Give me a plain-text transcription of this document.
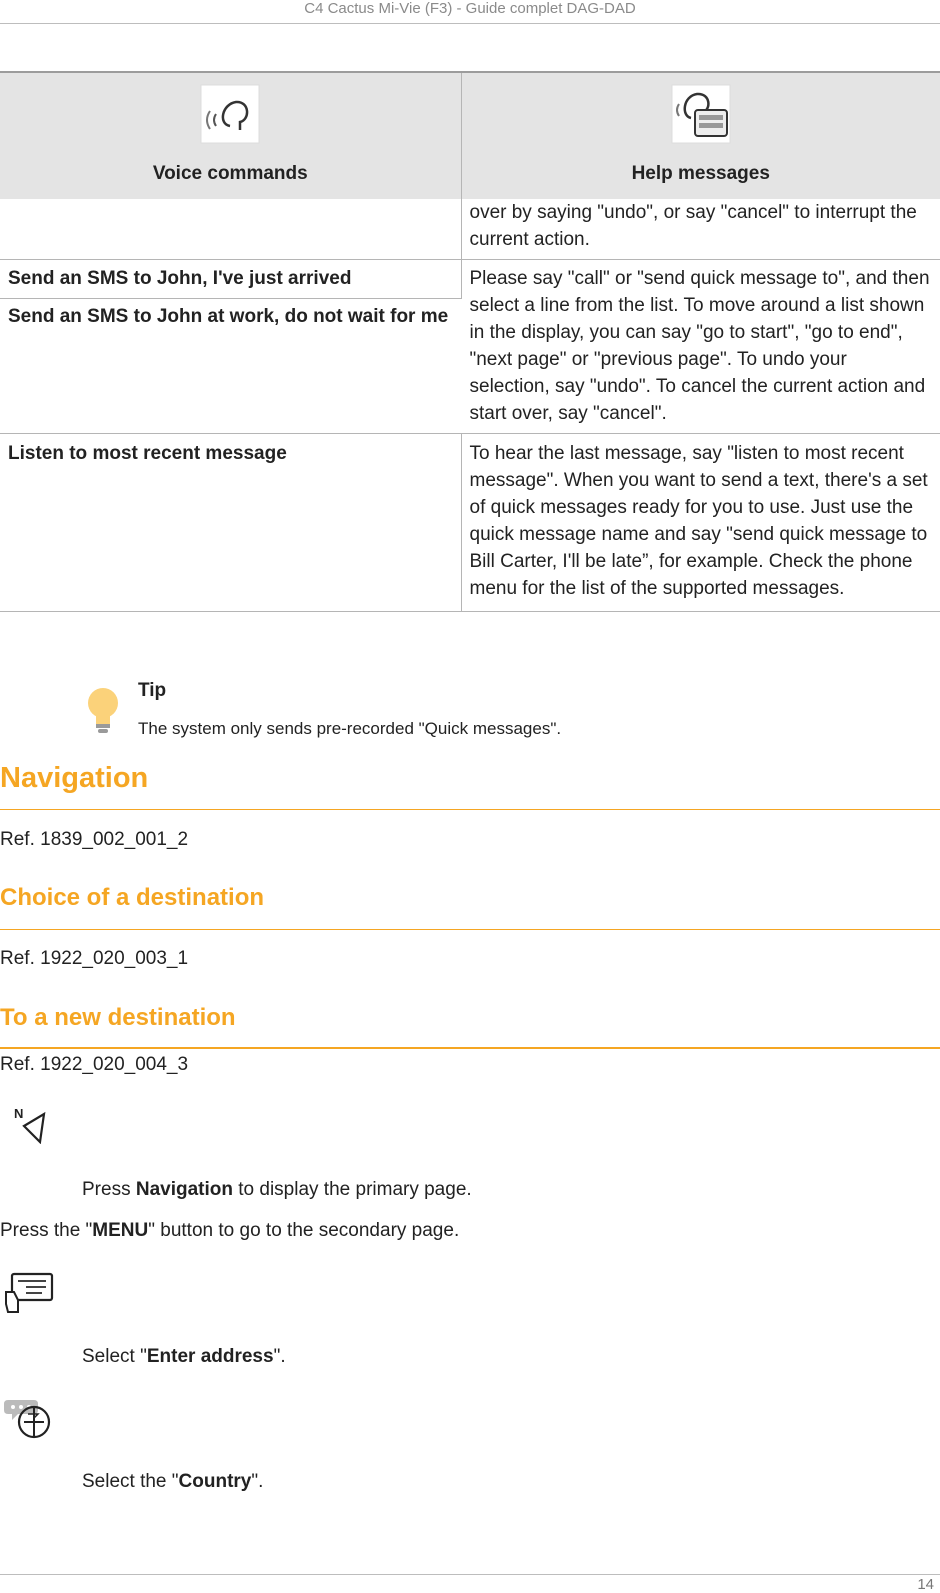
C4 Cactus Mi-Vie (F3) - Guide complet DAG-DAD
Voice commands	Help messages
	over by saying "undo", or say "cancel" to interrupt the current action.
Send an SMS to John, I've just arrived	Please say "call" or "send quick message to", and then select a line from the list. To move around a list shown in the display, you can say "go to start", "go to end", "next page" or "previous page". To undo your selection, say "undo". To cancel the current action and start over, say "cancel".
Send an SMS to John at work, do not wait for me	
Listen to most recent message	To hear the last message, say "listen to most recent message". When you want to send a text, there's a set of quick messages ready for you to use. Just use the quick message name and say "send quick message to Bill Carter, I'll be late”, for example. Check the phone menu for the list of the supported messages.
Tip
The system only sends pre-recorded "Quick messages".
Navigation
Ref. 1839_002_001_2
Choice of a destination
Ref. 1922_020_003_1
To a new destination
Ref. 1922_020_004_3
N
Press Navigation to display the primary page.
Press the "MENU" button to go to the secondary page.
Select "Enter address".
Select the "Country".
14
